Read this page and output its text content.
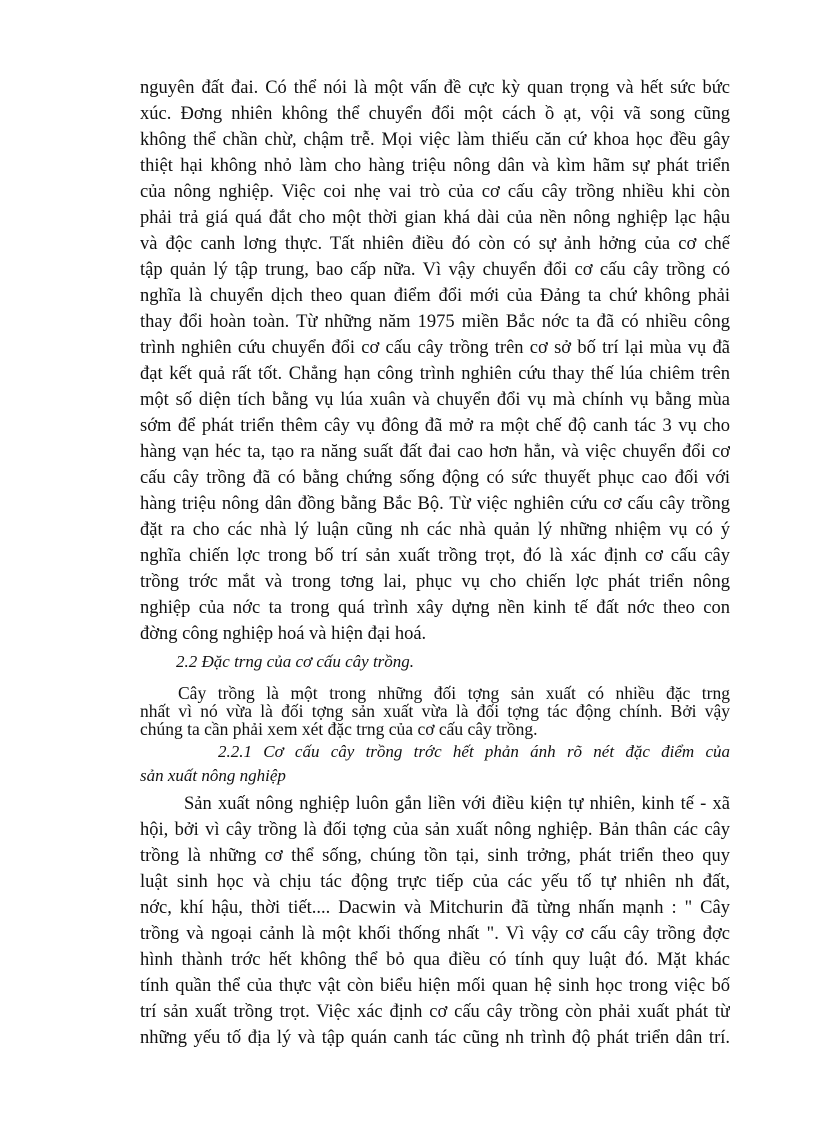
nguyên đất đai. Có thể nói là một vấn đề cực kỳ quan trọng và hết sức bức
xúc. Đơng nhiên không thể chuyển đổi một cách ồ ạt, vội vã song cũng
không thể chần chừ, chậm trễ. Mọi việc làm thiếu căn cứ khoa học đều gây
thiệt hại không nhỏ làm cho hàng triệu nông dân và kìm hãm sự phát triển
của nông nghiệp. Việc coi nhẹ vai trò của cơ cấu cây trồng nhiều khi còn
phải trả giá quá đắt cho một thời gian khá dài của nền nông nghiệp lạc hậu
và độc canh lơng thực. Tất nhiên điều đó còn có sự ảnh hởng của cơ chế
tập quản lý tập trung, bao cấp nữa. Vì vậy chuyển đổi cơ cấu cây trồng có
nghĩa là chuyển dịch theo quan điểm đổi mới của Đảng ta chứ không phải
thay đổi hoàn toàn. Từ những năm 1975 miền Bắc nớc ta đã có nhiều công
trình nghiên cứu chuyển đổi cơ cấu cây trồng trên cơ sở bố trí lại mùa vụ đã
đạt kết quả rất tốt. Chẳng hạn công trình nghiên cứu thay thế lúa chiêm trên
một số diện tích bằng vụ lúa xuân và chuyển đổi vụ mà chính vụ bằng mùa
sớm để phát triển thêm cây vụ đông đã mở ra một chế độ canh tác 3 vụ cho
hàng vạn héc ta, tạo ra năng suất đất đai cao hơn hẳn, và việc chuyển đổi cơ
cấu cây trồng đã có bằng chứng sống động có sức thuyết phục cao đối với
hàng triệu nông dân đồng bằng Bắc Bộ. Từ việc nghiên cứu cơ cấu cây trồng
đặt ra cho các nhà lý luận cũng nh các nhà quản lý những nhiệm vụ có ý
nghĩa chiến lợc trong bố trí sản xuất trồng trọt, đó là xác định cơ cấu cây
trồng trớc mắt và trong tơng lai, phục vụ cho chiến lợc phát triển nông
nghiệp của nớc ta trong quá trình xây dựng nền kinh tế đất nớc theo con
đờng công nghiệp hoá và hiện đại hoá.
2.2 Đặc trng của cơ cấu cây trồng.
Cây trồng là một trong những đối tợng sản xuất có nhiều đặc trng
nhất vì nó vừa là đối tợng sản xuất vừa là đối tợng tác động chính. Bởi vậy
chúng ta cần phải xem xét đặc trng của cơ cấu cây trồng.
2.2.1 Cơ cấu cây trồng trớc hết phản ánh rõ nét đặc điểm của
sản xuất nông nghiệp
Sản xuất nông nghiệp luôn gắn liền với điều kiện tự nhiên, kinh tế - xã
hội, bởi vì cây trồng là đối tợng của sản xuất nông nghiệp. Bản thân các cây
trồng là những cơ thể sống, chúng tồn tại, sinh trởng, phát triển theo quy
luật sinh học và chịu tác động trực tiếp của các yếu tố tự nhiên nh đất,
nớc, khí hậu, thời tiết.... Dacwin và Mitchurin đã từng nhấn mạnh : " Cây
trồng và ngoại cảnh là một khối thống nhất ". Vì vậy cơ cấu cây trồng đợc
hình thành trớc hết không thể bỏ qua điều có tính quy luật đó. Mặt khác
tính quần thể của thực vật còn biểu hiện mối quan hệ sinh học trong việc bố
trí sản xuất trồng trọt. Việc xác định cơ cấu cây trồng còn phải xuất phát từ
những yếu tố địa lý và tập quán canh tác cũng nh trình độ phát triển dân trí.
